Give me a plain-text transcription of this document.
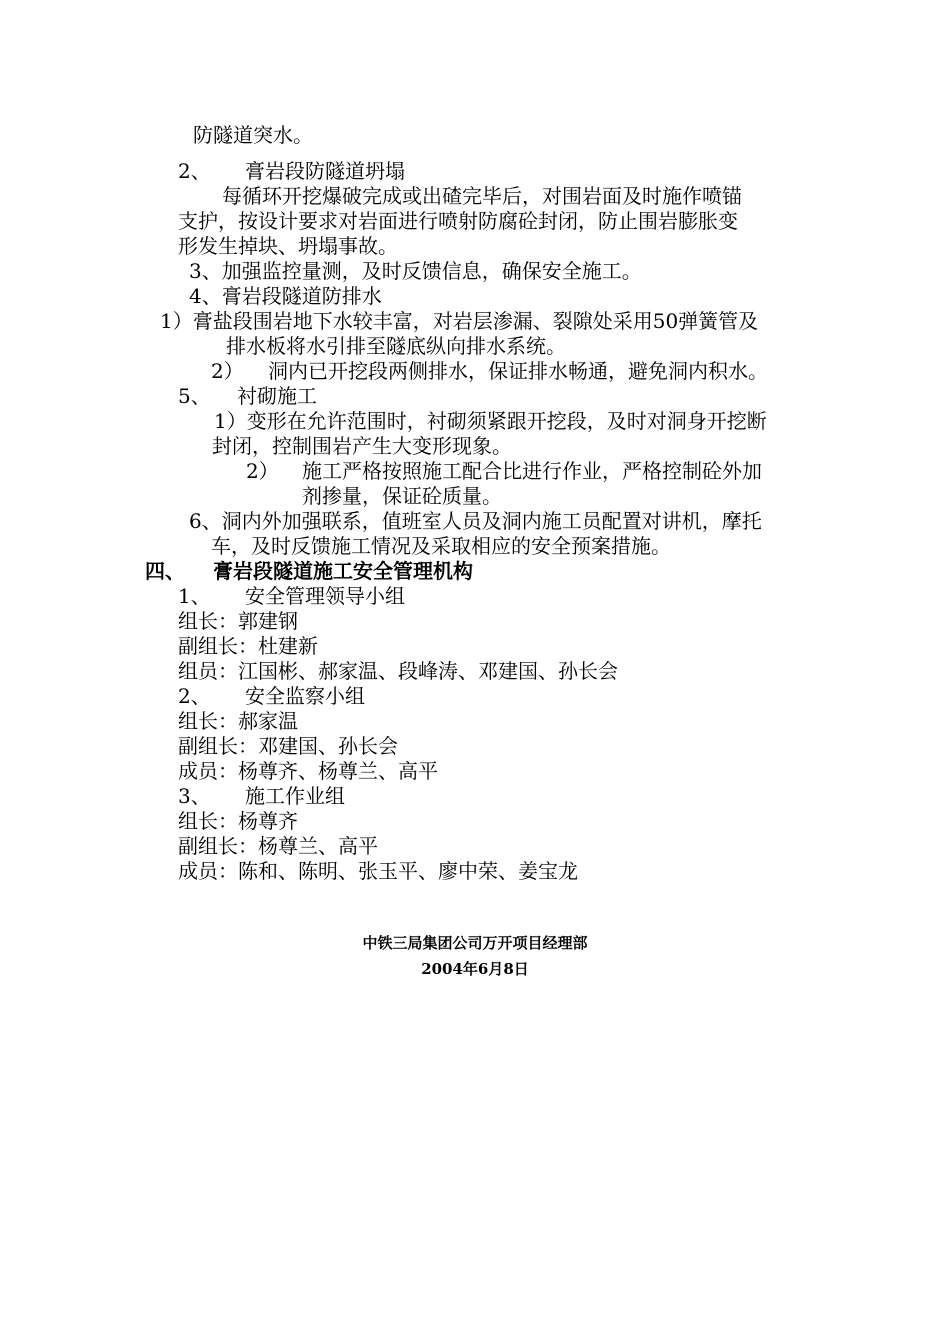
防隧道突水。
2、 膏岩段防隧道坍塌
每循环开挖爆破完成或出碴完毕后，对围岩面及时施作喷锚
支护，按设计要求对岩面进行喷射防腐砼封闭，防止围岩膨胀变
形发生掉块、坍塌事故。
3、加强监控量测，及时反馈信息，确保安全施工。
4、膏岩段隧道防排水
1）膏盐段围岩地下水较丰富，对岩层渗漏、裂隙处采用50弹簧管及
排水板将水引排至隧底纵向排水系统。
2） 洞内已开挖段两侧排水，保证排水畅通，避免洞内积水。
5、 衬砌施工
1）变形在允许范围时，衬砌须紧跟开挖段，及时对洞身开挖断
封闭，控制围岩产生大变形现象。
2） 施工严格按照施工配合比进行作业，严格控制砼外加
剂掺量，保证砼质量。
6、洞内外加强联系，值班室人员及洞内施工员配置对讲机，摩托
车，及时反馈施工情况及采取相应的安全预案措施。
四、 膏岩段隧道施工安全管理机构
1、 安全管理领导小组
组长：郭建钢
副组长：杜建新
组员：江国彬、郝家温、段峰涛、邓建国、孙长会
2、 安全监察小组
组长：郝家温
副组长：邓建国、孙长会
成员：杨尊齐、杨尊兰、高平
3、 施工作业组
组长：杨尊齐
副组长：杨尊兰、高平
成员：陈和、陈明、张玉平、廖中荣、姜宝龙
中铁三局集团公司万开项目经理部
2004年6月8日
